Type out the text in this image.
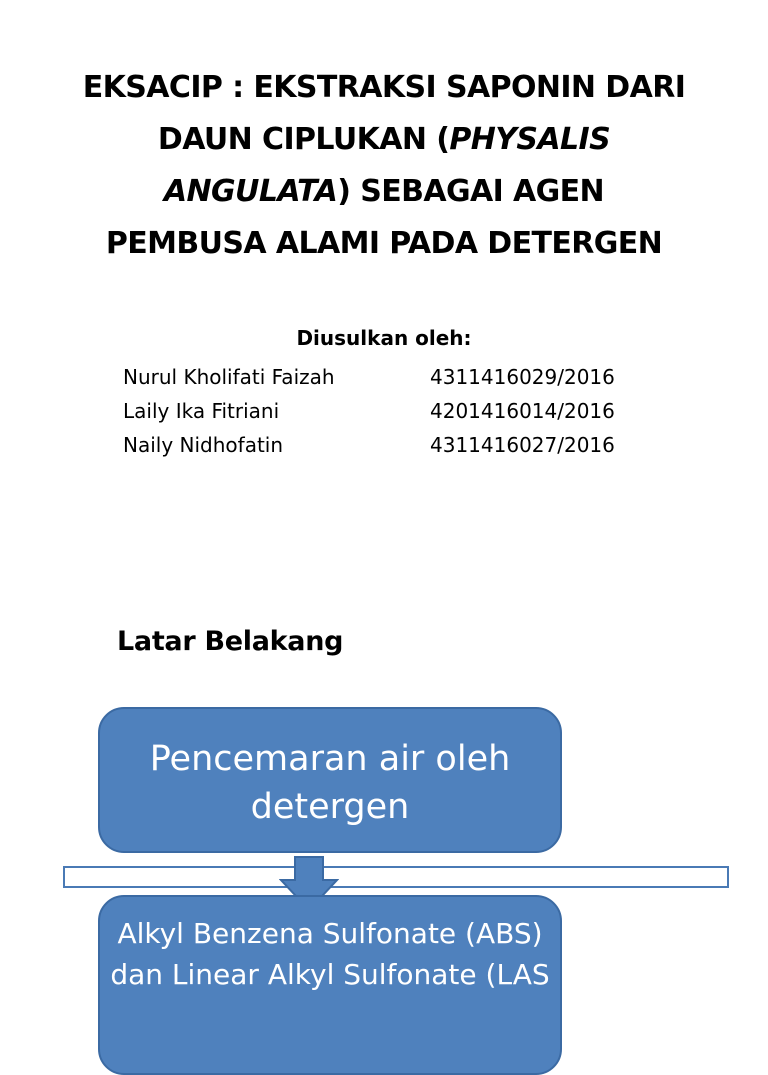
EKSACIP : EKSTRAKSI SAPONIN DARI
DAUN CIPLUKAN (PHYSALIS
ANGULATA) SEBAGAI AGEN
PEMBUSA ALAMI PADA DETERGEN
Diusulkan oleh:
Nurul Kholifati Faizah	4311416029/2016
Laily Ika Fitriani	4201416014/2016
Naily Nidhofatin	4311416027/2016
Latar Belakang
Pencemaran air oleh detergen
Alkyl Benzena Sulfonate (ABS) dan Linear Alkyl Sulfonate (LAS
